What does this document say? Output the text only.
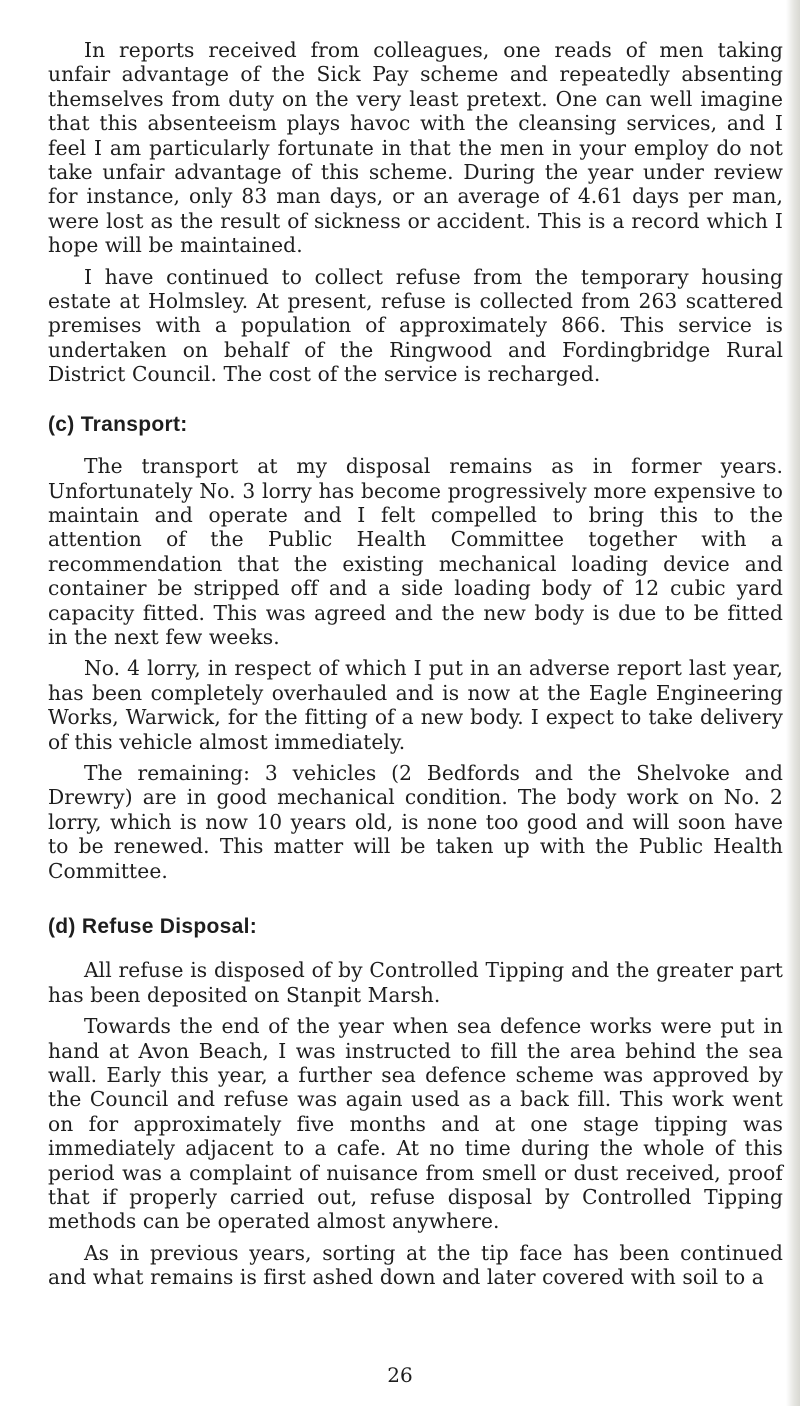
In reports received from colleagues, one reads of men taking unfair advantage of the Sick Pay scheme and repeatedly absenting themselves from duty on the very least pretext. One can well imagine that this absenteeism plays havoc with the cleansing services, and I feel I am particularly fortunate in that the men in your employ do not take unfair advantage of this scheme. During the year under review for instance, only 83 man days, or an average of 4.61 days per man, were lost as the result of sickness or accident. This is a record which I hope will be maintained.

I have continued to collect refuse from the temporary housing estate at Holmsley. At present, refuse is collected from 263 scattered premises with a population of approximately 866. This service is undertaken on behalf of the Ringwood and Fordingbridge Rural District Council. The cost of the service is recharged.

(c) Transport:

The transport at my disposal remains as in former years. Unfortunately No. 3 lorry has become progressively more expensive to maintain and operate and I felt compelled to bring this to the attention of the Public Health Committee together with a recommendation that the existing mechanical loading device and container be stripped off and a side loading body of 12 cubic yard capacity fitted. This was agreed and the new body is due to be fitted in the next few weeks.

No. 4 lorry, in respect of which I put in an adverse report last year, has been completely overhauled and is now at the Eagle Engineering Works, Warwick, for the fitting of a new body. I expect to take delivery of this vehicle almost immediately.

The remaining: 3 vehicles (2 Bedfords and the Shelvoke and Drewry) are in good mechanical condition. The body work on No. 2 lorry, which is now 10 years old, is none too good and will soon have to be renewed. This matter will be taken up with the Public Health Committee.

(d) Refuse Disposal:

All refuse is disposed of by Controlled Tipping and the greater part has been deposited on Stanpit Marsh.

Towards the end of the year when sea defence works were put in hand at Avon Beach, I was instructed to fill the area behind the sea wall. Early this year, a further sea defence scheme was approved by the Council and refuse was again used as a back fill. This work went on for approximately five months and at one stage tipping was immediately adjacent to a cafe. At no time during the whole of this period was a complaint of nuisance from smell or dust received, proof that if properly carried out, refuse disposal by Controlled Tipping methods can be operated almost anywhere.

As in previous years, sorting at the tip face has been continued and what remains is first ashed down and later covered with soil to a

26
